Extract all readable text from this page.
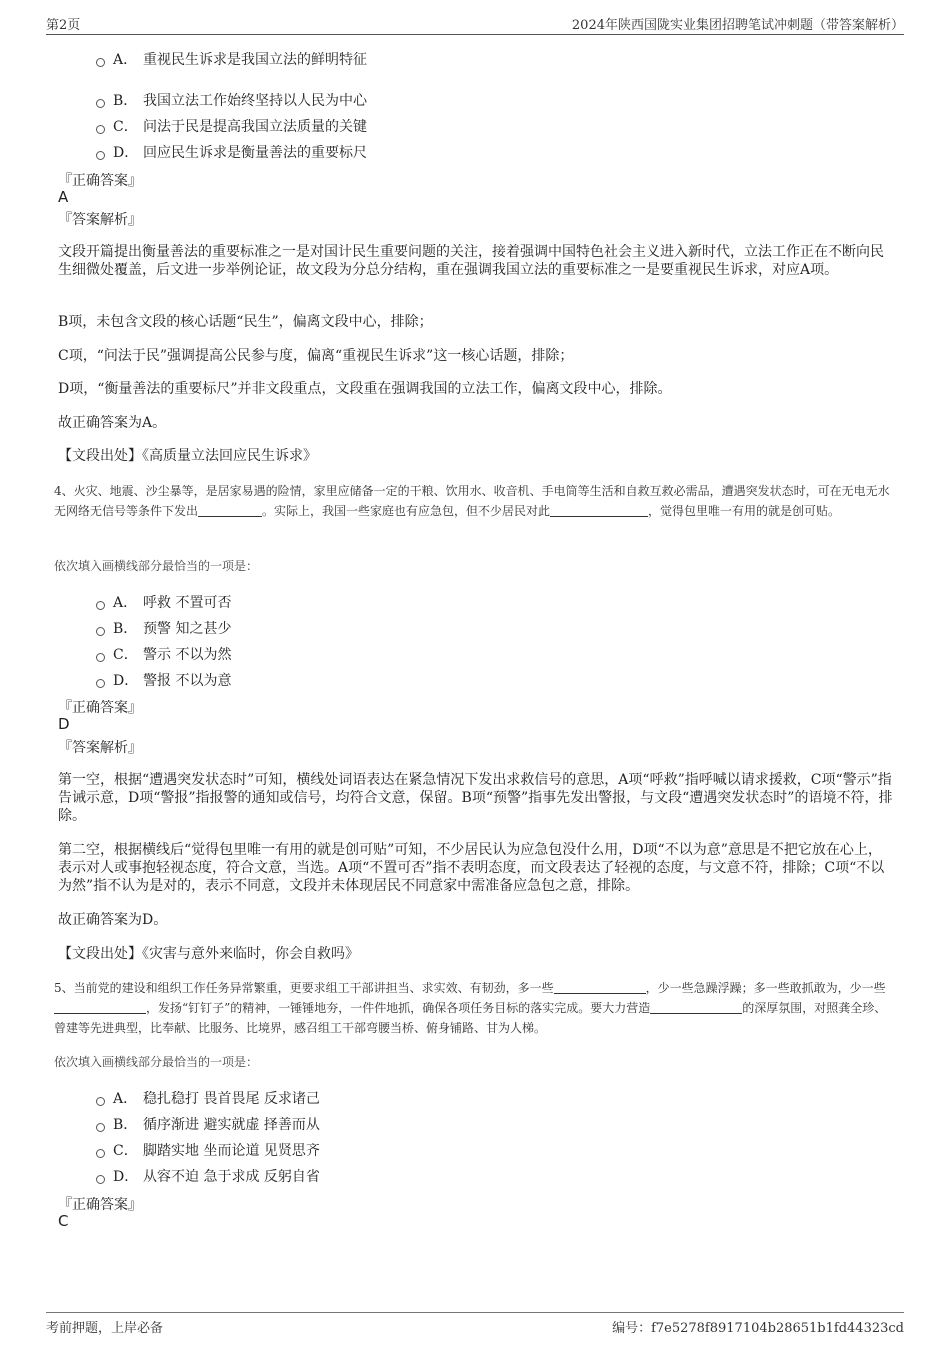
第2页	2024年陕西国陇实业集团招聘笔试冲刺题（带答案解析）
A． 重视民生诉求是我国立法的鲜明特征
B． 我国立法工作始终坚持以人民为中心
C． 问法于民是提高我国立法质量的关键
D． 回应民生诉求是衡量善法的重要标尺
『正确答案』
A
『答案解析』
文段开篇提出衡量善法的重要标准之一是对国计民生重要问题的关注，接着强调中国特色社会主义进入新时代，立法工作正在不断向民生细微处覆盖，后文进一步举例论证，故文段为分总分结构，重在强调我国立法的重要标准之一是要重视民生诉求，对应A项。
B项，未包含文段的核心话题“民生”，偏离文段中心，排除；
C项，“问法于民”强调提高公民参与度，偏离“重视民生诉求”这一核心话题，排除；
D项，“衡量善法的重要标尺”并非文段重点，文段重在强调我国的立法工作，偏离文段中心，排除。
故正确答案为A。
【文段出处】《高质量立法回应民生诉求》
4、火灾、地震、沙尘暴等，是居家易遇的险情，家里应储备一定的干粮、饮用水、收音机、手电筒等生活和自救互救必需品，遭遇突发状态时，可在无电无水无网络无信号等条件下发出	。实际上，我国一些家庭也有应急包，但不少居民对此	，觉得包里唯一有用的就是创可贴。
依次填入画横线部分最恰当的一项是：
A． 呼救 不置可否
B． 预警 知之甚少
C． 警示 不以为然
D． 警报 不以为意
『正确答案』
D
『答案解析』
第一空，根据“遭遇突发状态时”可知，横线处词语表达在紧急情况下发出求救信号的意思，A项“呼救”指呼喊以请求援救，C项“警示”指告诫示意，D项“警报”指报警的通知或信号，均符合文意，保留。B项“预警”指事先发出警报，与文段“遭遇突发状态时”的语境不符，排除。
第二空，根据横线后“觉得包里唯一有用的就是创可贴”可知，不少居民认为应急包没什么用，D项“不以为意”意思是不把它放在心上，表示对人或事抱轻视态度，符合文意，当选。A项“不置可否”指不表明态度，而文段表达了轻视的态度，与文意不符，排除；C项“不以为然”指不认为是对的，表示不同意，文段并未体现居民不同意家中需准备应急包之意，排除。
故正确答案为D。
【文段出处】《灾害与意外来临时，你会自救吗》
5、当前党的建设和组织工作任务异常繁重，更要求组工干部讲担当、求实效、有韧劲，多一些	，少一些急躁浮躁；多一些敢抓敢为，少一些，发扬“钉钉子”的精神，一锤锤地夯，一件件地抓，确保各项任务目标的落实完成。要大力营造	的深厚氛围，对照龚全珍、曾建等先进典型，比奉献、比服务、比境界，感召组工干部弯腰当桥、俯身铺路、甘为人梯。
依次填入画横线部分最恰当的一项是：
A． 稳扎稳打 畏首畏尾 反求诸己
B． 循序渐进 避实就虚 择善而从
C． 脚踏实地 坐而论道 见贤思齐
D． 从容不迫 急于求成 反躬自省
『正确答案』
C
考前押题，上岸必备	编号：f7e5278f8917104b28651b1fd44323cd
